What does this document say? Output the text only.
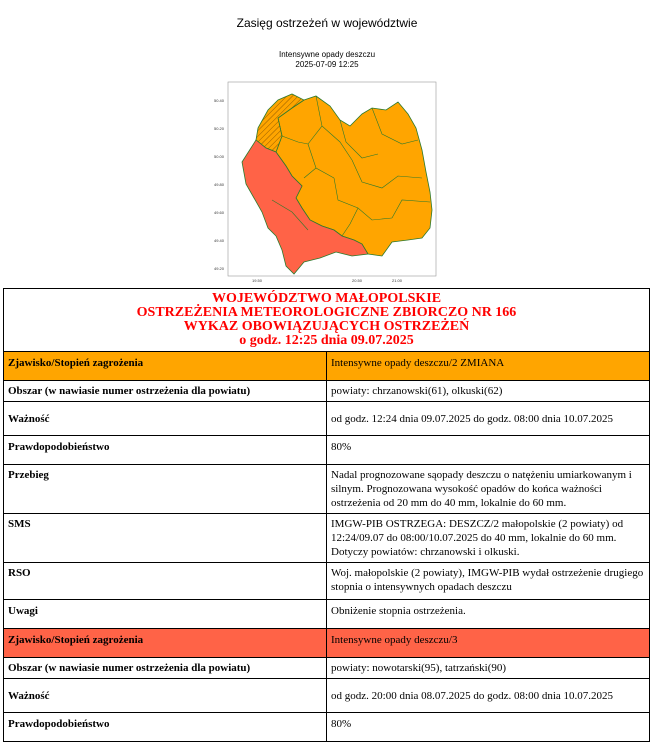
Zasięg ostrzeżeń w województwie
Intensywne opady deszczu
2025-07-09 12:25
50.40
50.20
50.00
49.80
49.60
49.40
49.20
19.50	20.50	21.00
WOJEWÓDZTWO MAŁOPOLSKIE
OSTRZEŻENIA METEOROLOGICZNE ZBIORCZO NR 166
WYKAZ OBOWIĄZUJĄCYCH OSTRZEŻEŃ
o godz. 12:25 dnia 09.07.2025	

Zjawisko/Stopień zagrożenia	Intensywne opady deszczu/2 ZMIANA
Obszar (w nawiasie numer ostrzeżenia dla powiatu)	powiaty: chrzanowski(61), olkuski(62)
Ważność	od godz. 12:24 dnia 09.07.2025 do godz. 08:00 dnia 10.07.2025
Prawdopodobieństwo	80%
Przebieg	Nadal prognozowane sąopady deszczu o natężeniu umiarkowanym i silnym. Prognozowana wysokość opadów do końca ważności ostrzeżenia od 20 mm do 40 mm, lokalnie do 60 mm.
SMS	IMGW-PIB OSTRZEGA: DESZCZ/2 małopolskie (2 powiaty) od 12:24/09.07 do 08:00/10.07.2025 do 40 mm, lokalnie do 60 mm. Dotyczy powiatów: chrzanowski i olkuski.
RSO	Woj. małopolskie (2 powiaty), IMGW-PIB wydał ostrzeżenie drugiego stopnia o intensywnych opadach deszczu
Uwagi	Obniżenie stopnia ostrzeżenia.
Zjawisko/Stopień zagrożenia	Intensywne opady deszczu/3
Obszar (w nawiasie numer ostrzeżenia dla powiatu)	powiaty: nowotarski(95), tatrzański(90)
Ważność	od godz. 20:00 dnia 08.07.2025 do godz. 08:00 dnia 10.07.2025
Prawdopodobieństwo	80%
